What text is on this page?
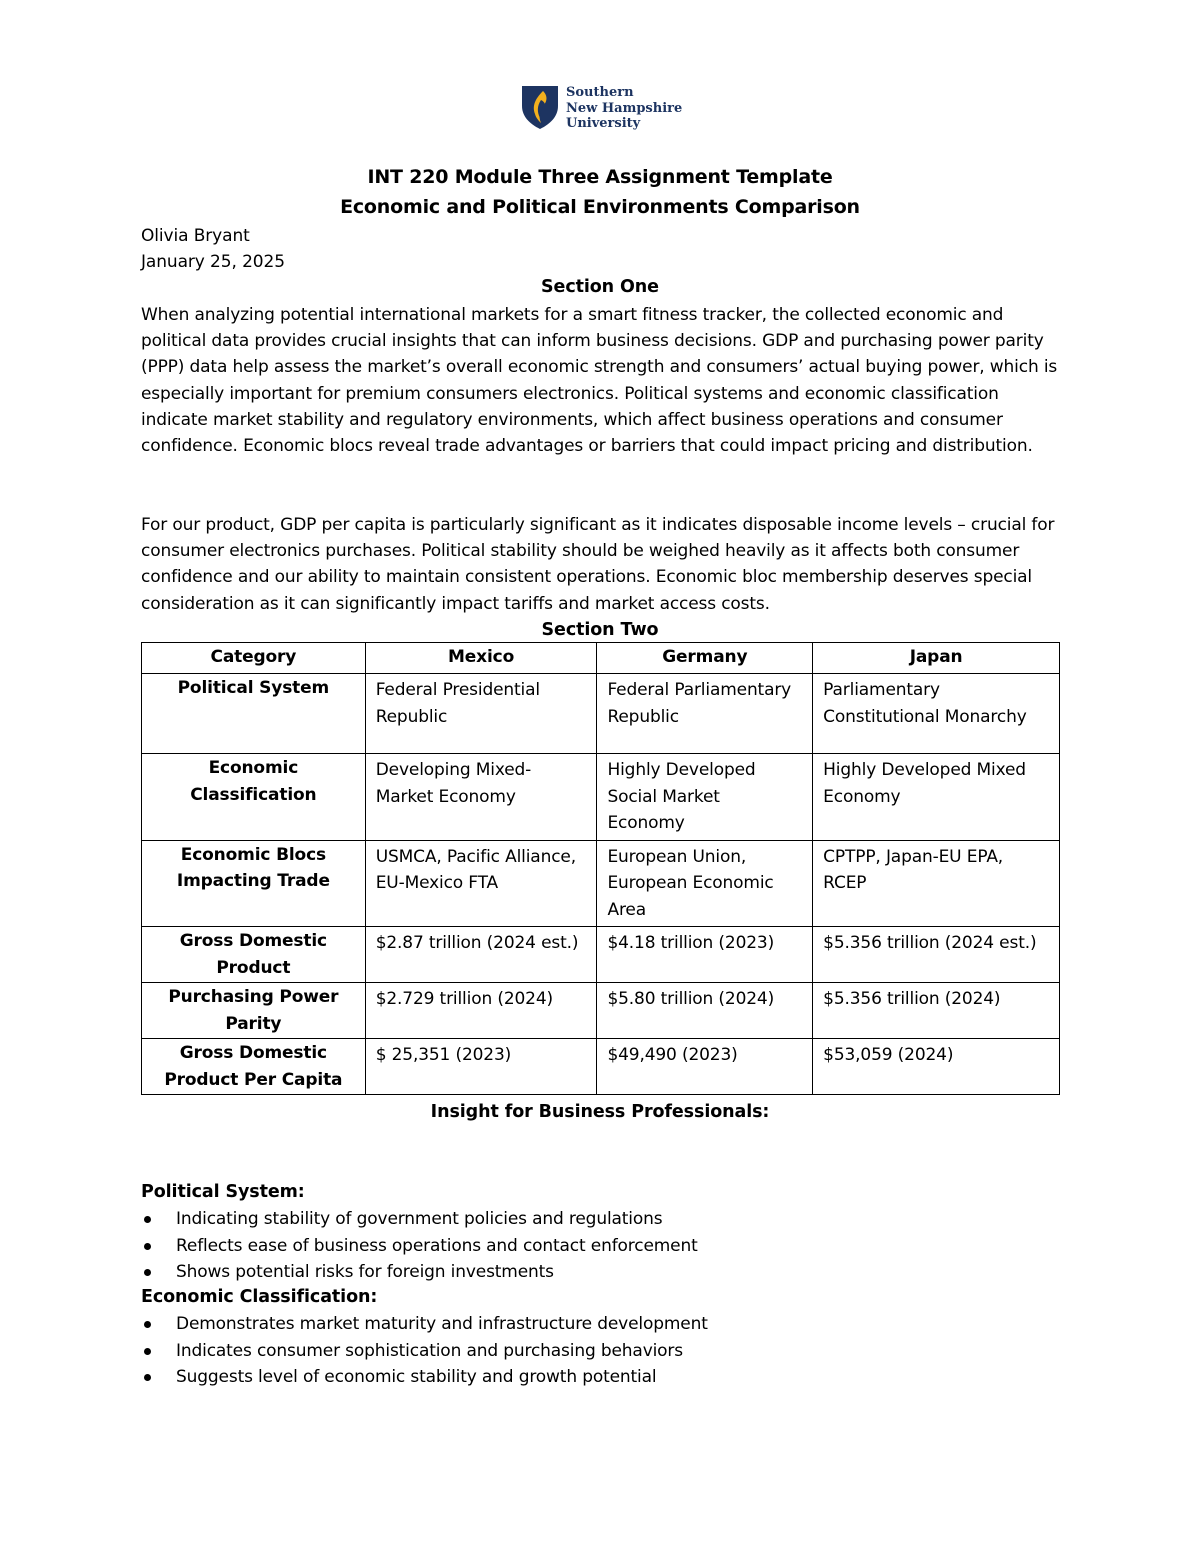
Southern
New Hampshire
University
INT 220 Module Three Assignment Template
Economic and Political Environments Comparison
Olivia Bryant
January 25, 2025
Section One

When analyzing potential international markets for a smart fitness tracker, the collected economic and political data provides crucial insights that can inform business decisions. GDP and purchasing power parity (PPP) data help assess the market’s overall economic strength and consumers’ actual buying power, which is especially important for premium consumers electronics. Political systems and economic classification indicate market stability and regulatory environments, which affect business operations and consumer confidence. Economic blocs reveal trade advantages or barriers that could impact pricing and distribution.

For our product, GDP per capita is particularly significant as it indicates disposable income levels – crucial for consumer electronics purchases. Political stability should be weighed heavily as it affects both consumer confidence and our ability to maintain consistent operations. Economic bloc membership deserves special consideration as it can significantly impact tariffs and market access costs.

Section Two
Category	Mexico	Germany	Japan
Political System	Federal Presidential Republic	Federal Parliamentary Republic	Parliamentary Constitutional Monarchy
Economic Classification	Developing Mixed-Market Economy	Highly Developed Social Market Economy	Highly Developed Mixed Economy
Economic Blocs Impacting Trade	USMCA, Pacific Alliance, EU-Mexico FTA	European Union, European Economic Area	CPTPP, Japan-EU EPA, RCEP
Gross Domestic Product	$2.87 trillion (2024 est.)	$4.18 trillion (2023)	$5.356 trillion (2024 est.)
Purchasing Power Parity	$2.729 trillion (2024)	$5.80 trillion (2024)	$5.356 trillion (2024)
Gross Domestic Product Per Capita	$ 25,351 (2023)	$49,490 (2023)	$53,059 (2024)
Insight for Business Professionals:
Political System:
Indicating stability of government policies and regulations
Reflects ease of business operations and contact enforcement
Shows potential risks for foreign investments
Economic Classification:
Demonstrates market maturity and infrastructure development
Indicates consumer sophistication and purchasing behaviors
Suggests level of economic stability and growth potential
